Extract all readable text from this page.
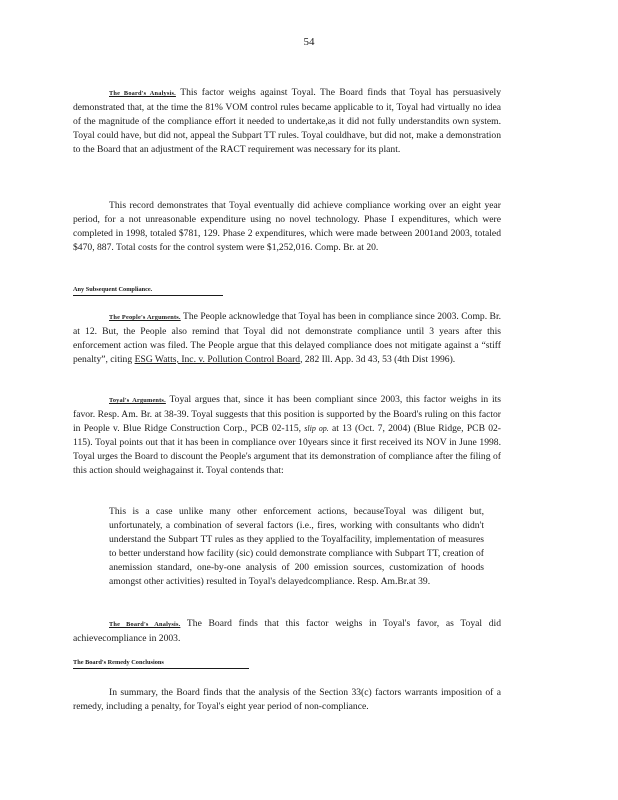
54
The Board's Analysis. This factor weighs against Toyal. The Board finds that Toyal has persuasively demonstrated that, at the time the 81% VOM control rules became applicable to it, Toyal had virtually no idea of the magnitude of the compliance effort it needed to undertake,as it did not fully understandits own system. Toyal could have, but did not, appeal the Subpart TT rules. Toyal couldhave, but did not, make a demonstration to the Board that an adjustment of the RACT requirement was necessary for its plant.
This record demonstrates that Toyal eventually did achieve compliance working over an eight year period, for a not unreasonable expenditure using no novel technology. Phase I expenditures, which were completed in 1998, totaled $781, 129. Phase 2 expenditures, which were made between 2001and 2003, totaled $470, 887. Total costs for the control system were $1,252,016. Comp. Br. at 20.
Any Subsequent Compliance.
The People's Arguments. The People acknowledge that Toyal has been in compliance since 2003. Comp. Br. at 12. But, the People also remind that Toyal did not demonstrate compliance until 3 years after this enforcement action was filed. The People argue that this delayed compliance does not mitigate against a “stiff penalty”, citing ESG Watts, Inc. v. Pollution Control Board, 282 Ill. App. 3d 43, 53 (4th Dist 1996).
Toyal's Arguments. Toyal argues that, since it has been compliant since 2003, this factor weighs in its favor. Resp. Am. Br. at 38-39. Toyal suggests that this position is supported by the Board's ruling on this factor in People v. Blue Ridge Construction Corp., PCB 02-115, slip op. at 13 (Oct. 7, 2004) (Blue Ridge, PCB 02-115). Toyal points out that it has been in compliance over 10years since it first received its NOV in June 1998. Toyal urges the Board to discount the People's argument that its demonstration of compliance after the filing of this action should weighagainst it. Toyal contends that:
This is a case unlike many other enforcement actions, becauseToyal was diligent but, unfortunately, a combination of several factors (i.e., fires, working with consultants who didn't understand the Subpart TT rules as they applied to the Toyalfacility, implementation of measures to better understand how facility (sic) could demonstrate compliance with Subpart TT, creation of anemission standard, one-by-one analysis of 200 emission sources, customization of hoods amongst other activities) resulted in Toyal's delayedcompliance. Resp. Am.Br.at 39.
The Board's Analysis. The Board finds that this factor weighs in Toyal's favor, as Toyal did achievecompliance in 2003.
The Board's Remedy Conclusions
In summary, the Board finds that the analysis of the Section 33(c) factors warrants imposition of a remedy, including a penalty, for Toyal's eight year period of non-compliance.
